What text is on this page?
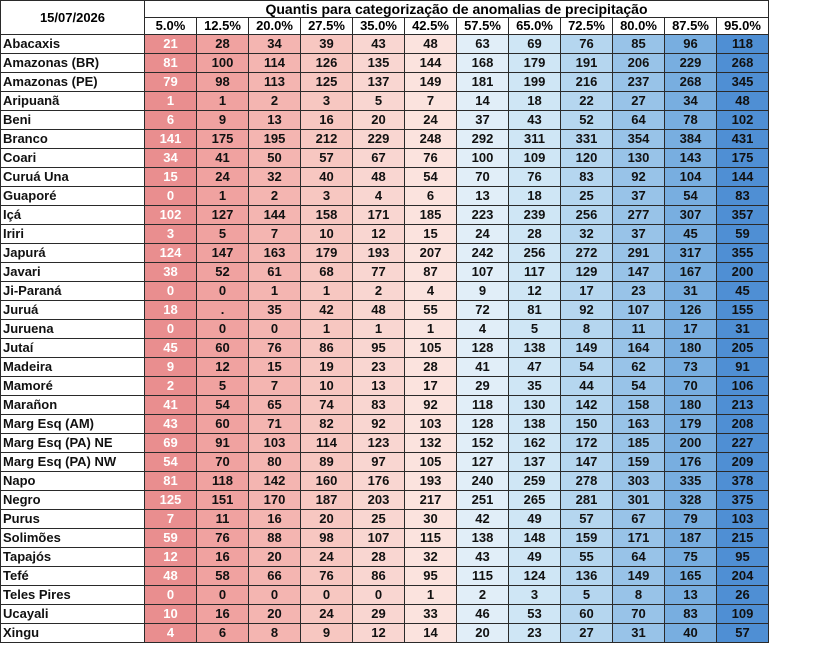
15/07/2026	Quantis para categorização de anomalias de precipitação											
	5.0%	12.5%	20.0%	27.5%	35.0%	42.5%	57.5%	65.0%	72.5%	80.0%	87.5%	95.0%
Abacaxis	21	28	34	39	43	48	63	69	76	85	96	118
Amazonas (BR)	81	100	114	126	135	144	168	179	191	206	229	268
Amazonas (PE)	79	98	113	125	137	149	181	199	216	237	268	345
Aripuanã	1	1	2	3	5	7	14	18	22	27	34	48
Beni	6	9	13	16	20	24	37	43	52	64	78	102
Branco	141	175	195	212	229	248	292	311	331	354	384	431
Coari	34	41	50	57	67	76	100	109	120	130	143	175
Curuá Una	15	24	32	40	48	54	70	76	83	92	104	144
Guaporé	0	1	2	3	4	6	13	18	25	37	54	83
Içá	102	127	144	158	171	185	223	239	256	277	307	357
Iriri	3	5	7	10	12	15	24	28	32	37	45	59
Japurá	124	147	163	179	193	207	242	256	272	291	317	355
Javari	38	52	61	68	77	87	107	117	129	147	167	200
Ji-Paraná	0	0	1	1	2	4	9	12	17	23	31	45
Juruá	18	.	35	42	48	55	72	81	92	107	126	155
Juruena	0	0	0	1	1	1	4	5	8	11	17	31
Jutaí	45	60	76	86	95	105	128	138	149	164	180	205
Madeira	9	12	15	19	23	28	41	47	54	62	73	91
Mamoré	2	5	7	10	13	17	29	35	44	54	70	106
Marañon	41	54	65	74	83	92	118	130	142	158	180	213
Marg Esq (AM)	43	60	71	82	92	103	128	138	150	163	179	208
Marg Esq (PA) NE	69	91	103	114	123	132	152	162	172	185	200	227
Marg Esq (PA) NW	54	70	80	89	97	105	127	137	147	159	176	209
Napo	81	118	142	160	176	193	240	259	278	303	335	378
Negro	125	151	170	187	203	217	251	265	281	301	328	375
Purus	7	11	16	20	25	30	42	49	57	67	79	103
Solimões	59	76	88	98	107	115	138	148	159	171	187	215
Tapajós	12	16	20	24	28	32	43	49	55	64	75	95
Tefé	48	58	66	76	86	95	115	124	136	149	165	204
Teles Pires	0	0	0	0	0	1	2	3	5	8	13	26
Ucayali	10	16	20	24	29	33	46	53	60	70	83	109
Xingu	4	6	8	9	12	14	20	23	27	31	40	57
